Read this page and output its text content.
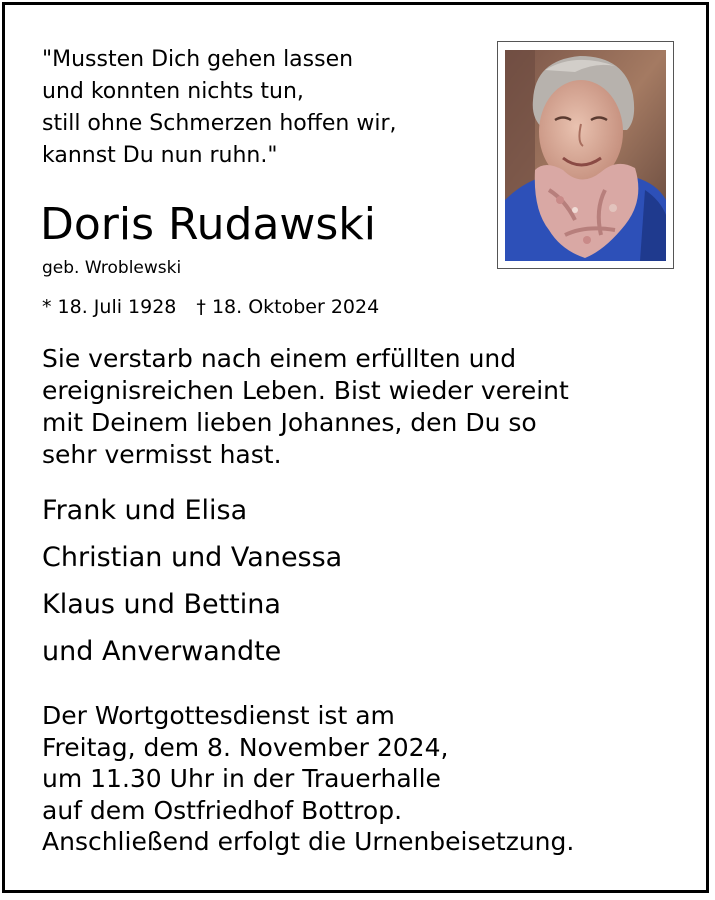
"Mussten Dich gehen lassen
und konnten nichts tun,
still ohne Schmerzen hoffen wir,
kannst Du nun ruhn."
Doris Rudawski

geb. Wroblewski

* 18. Juli 1928 † 18. Oktober 2024

Sie verstarb nach einem erfüllten und
ereignisreichen Leben. Bist wieder vereint
mit Deinem lieben Johannes, den Du so
sehr vermisst hast.

Frank und Elisa

Christian und Vanessa

Klaus und Bettina

und Anverwandte

Der Wortgottesdienst ist am
Freitag, dem 8. November 2024,
um 11.30 Uhr in der Trauerhalle
auf dem Ostfriedhof Bottrop.
Anschließend erfolgt die Urnenbeisetzung.
